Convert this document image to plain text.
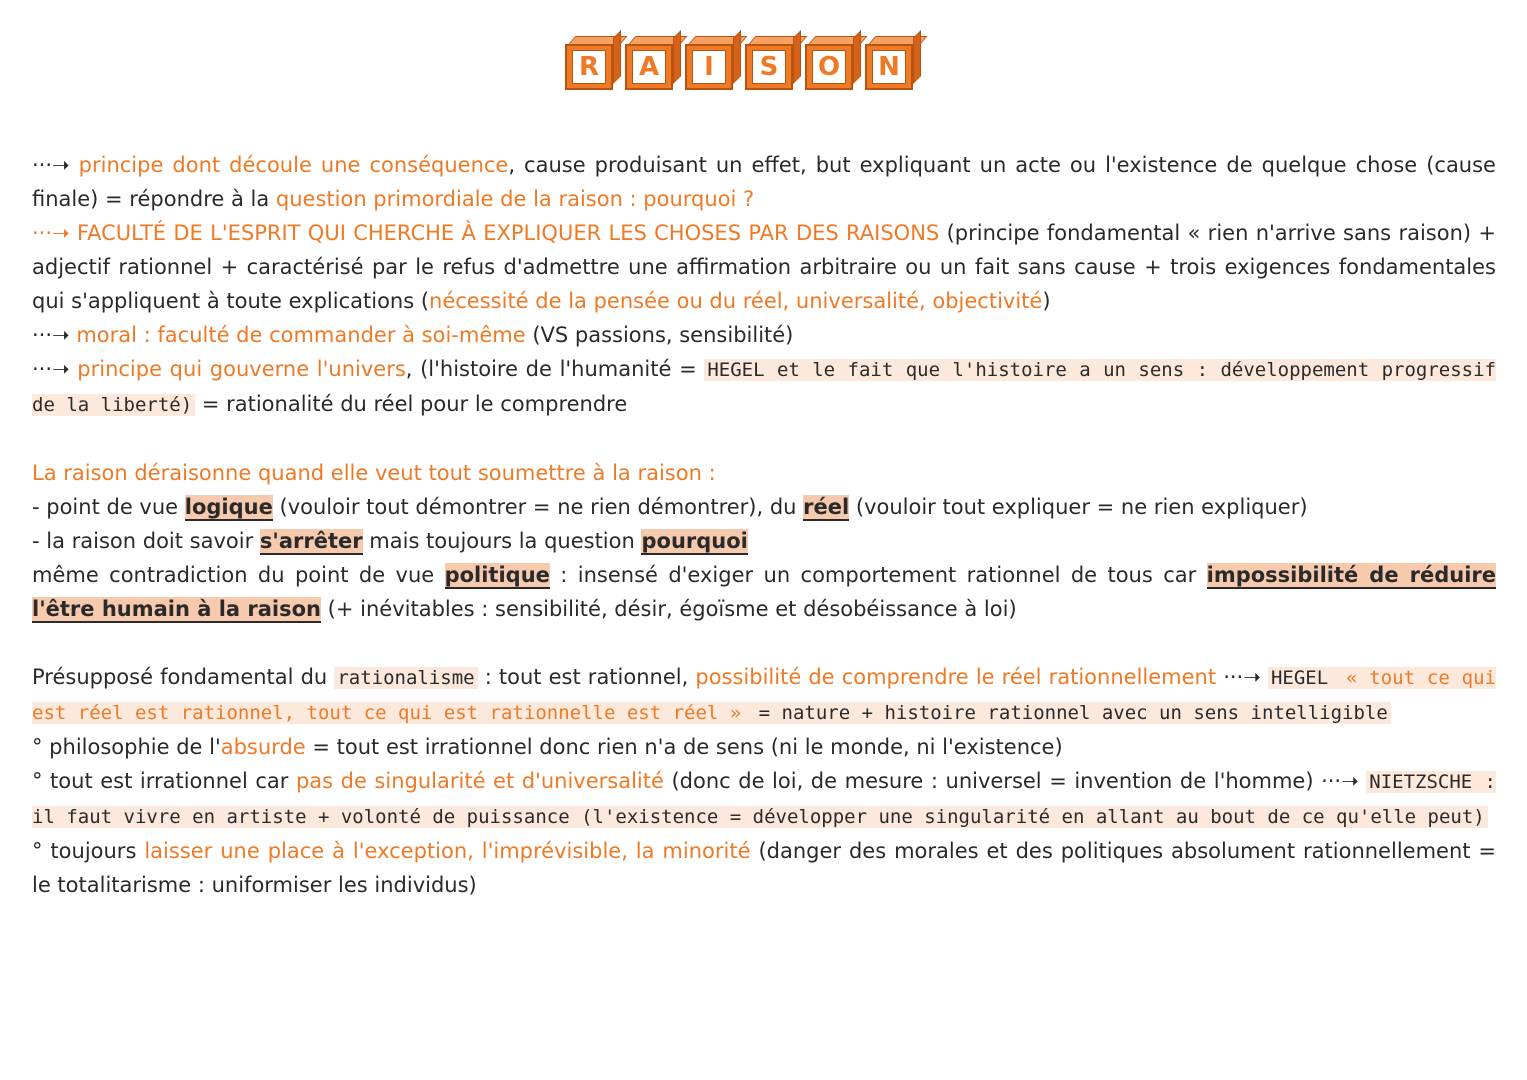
R A	I	S O N

···➝ principe dont découle une conséquence, cause produisant un effet, but expliquant un acte ou l'existence de quelque chose (cause finale) = répondre à la question primordiale de la raison : pourquoi ?

···➝ FACULTÉ DE L'ESPRIT QUI CHERCHE À EXPLIQUER LES CHOSES PAR DES RAISONS (principe fondamental « rien n'arrive sans raison) + adjectif rationnel + caractérisé par le refus d'admettre une affirmation arbitraire ou un fait sans cause + trois exigences fondamentales qui s'appliquent à toute explications (nécessité de la pensée ou du réel, universalité, objectivité)

···➝ moral : faculté de commander à soi-même (VS passions, sensibilité)

···➝ principe qui gouverne l'univers, (l'histoire de l'humanité = HEGEL et le fait que l'histoire a un sens : développement progressif de la liberté) = rationalité du réel pour le comprendre

La raison déraisonne quand elle veut tout soumettre à la raison :

- point de vue logique (vouloir tout démontrer = ne rien démontrer), du réel (vouloir tout expliquer = ne rien expliquer)

- la raison doit savoir s'arrêter mais toujours la question pourquoi

même contradiction du point de vue politique : insensé d'exiger un comportement rationnel de tous car impossibilité de réduire l'être humain à la raison (+ inévitables : sensibilité, désir, égoïsme et désobéissance à loi)

Présupposé fondamental du rationalisme : tout est rationnel, possibilité de comprendre le réel rationnellement ···➝ HEGEL « tout ce qui est réel est rationnel, tout ce qui est rationnelle est réel » = nature + histoire rationnel avec un sens intelligible

° philosophie de l'absurde = tout est irrationnel donc rien n'a de sens (ni le monde, ni l'existence)

° tout est irrationnel car pas de singularité et d'universalité (donc de loi, de mesure : universel = invention de l'homme) ···➝ NIETZSCHE : il faut vivre en artiste + volonté de puissance (l'existence = développer une singularité en allant au bout de ce qu'elle peut)

° toujours laisser une place à l'exception, l'imprévisible, la minorité (danger des morales et des politiques absolument rationnellement = le totalitarisme : uniformiser les individus)
